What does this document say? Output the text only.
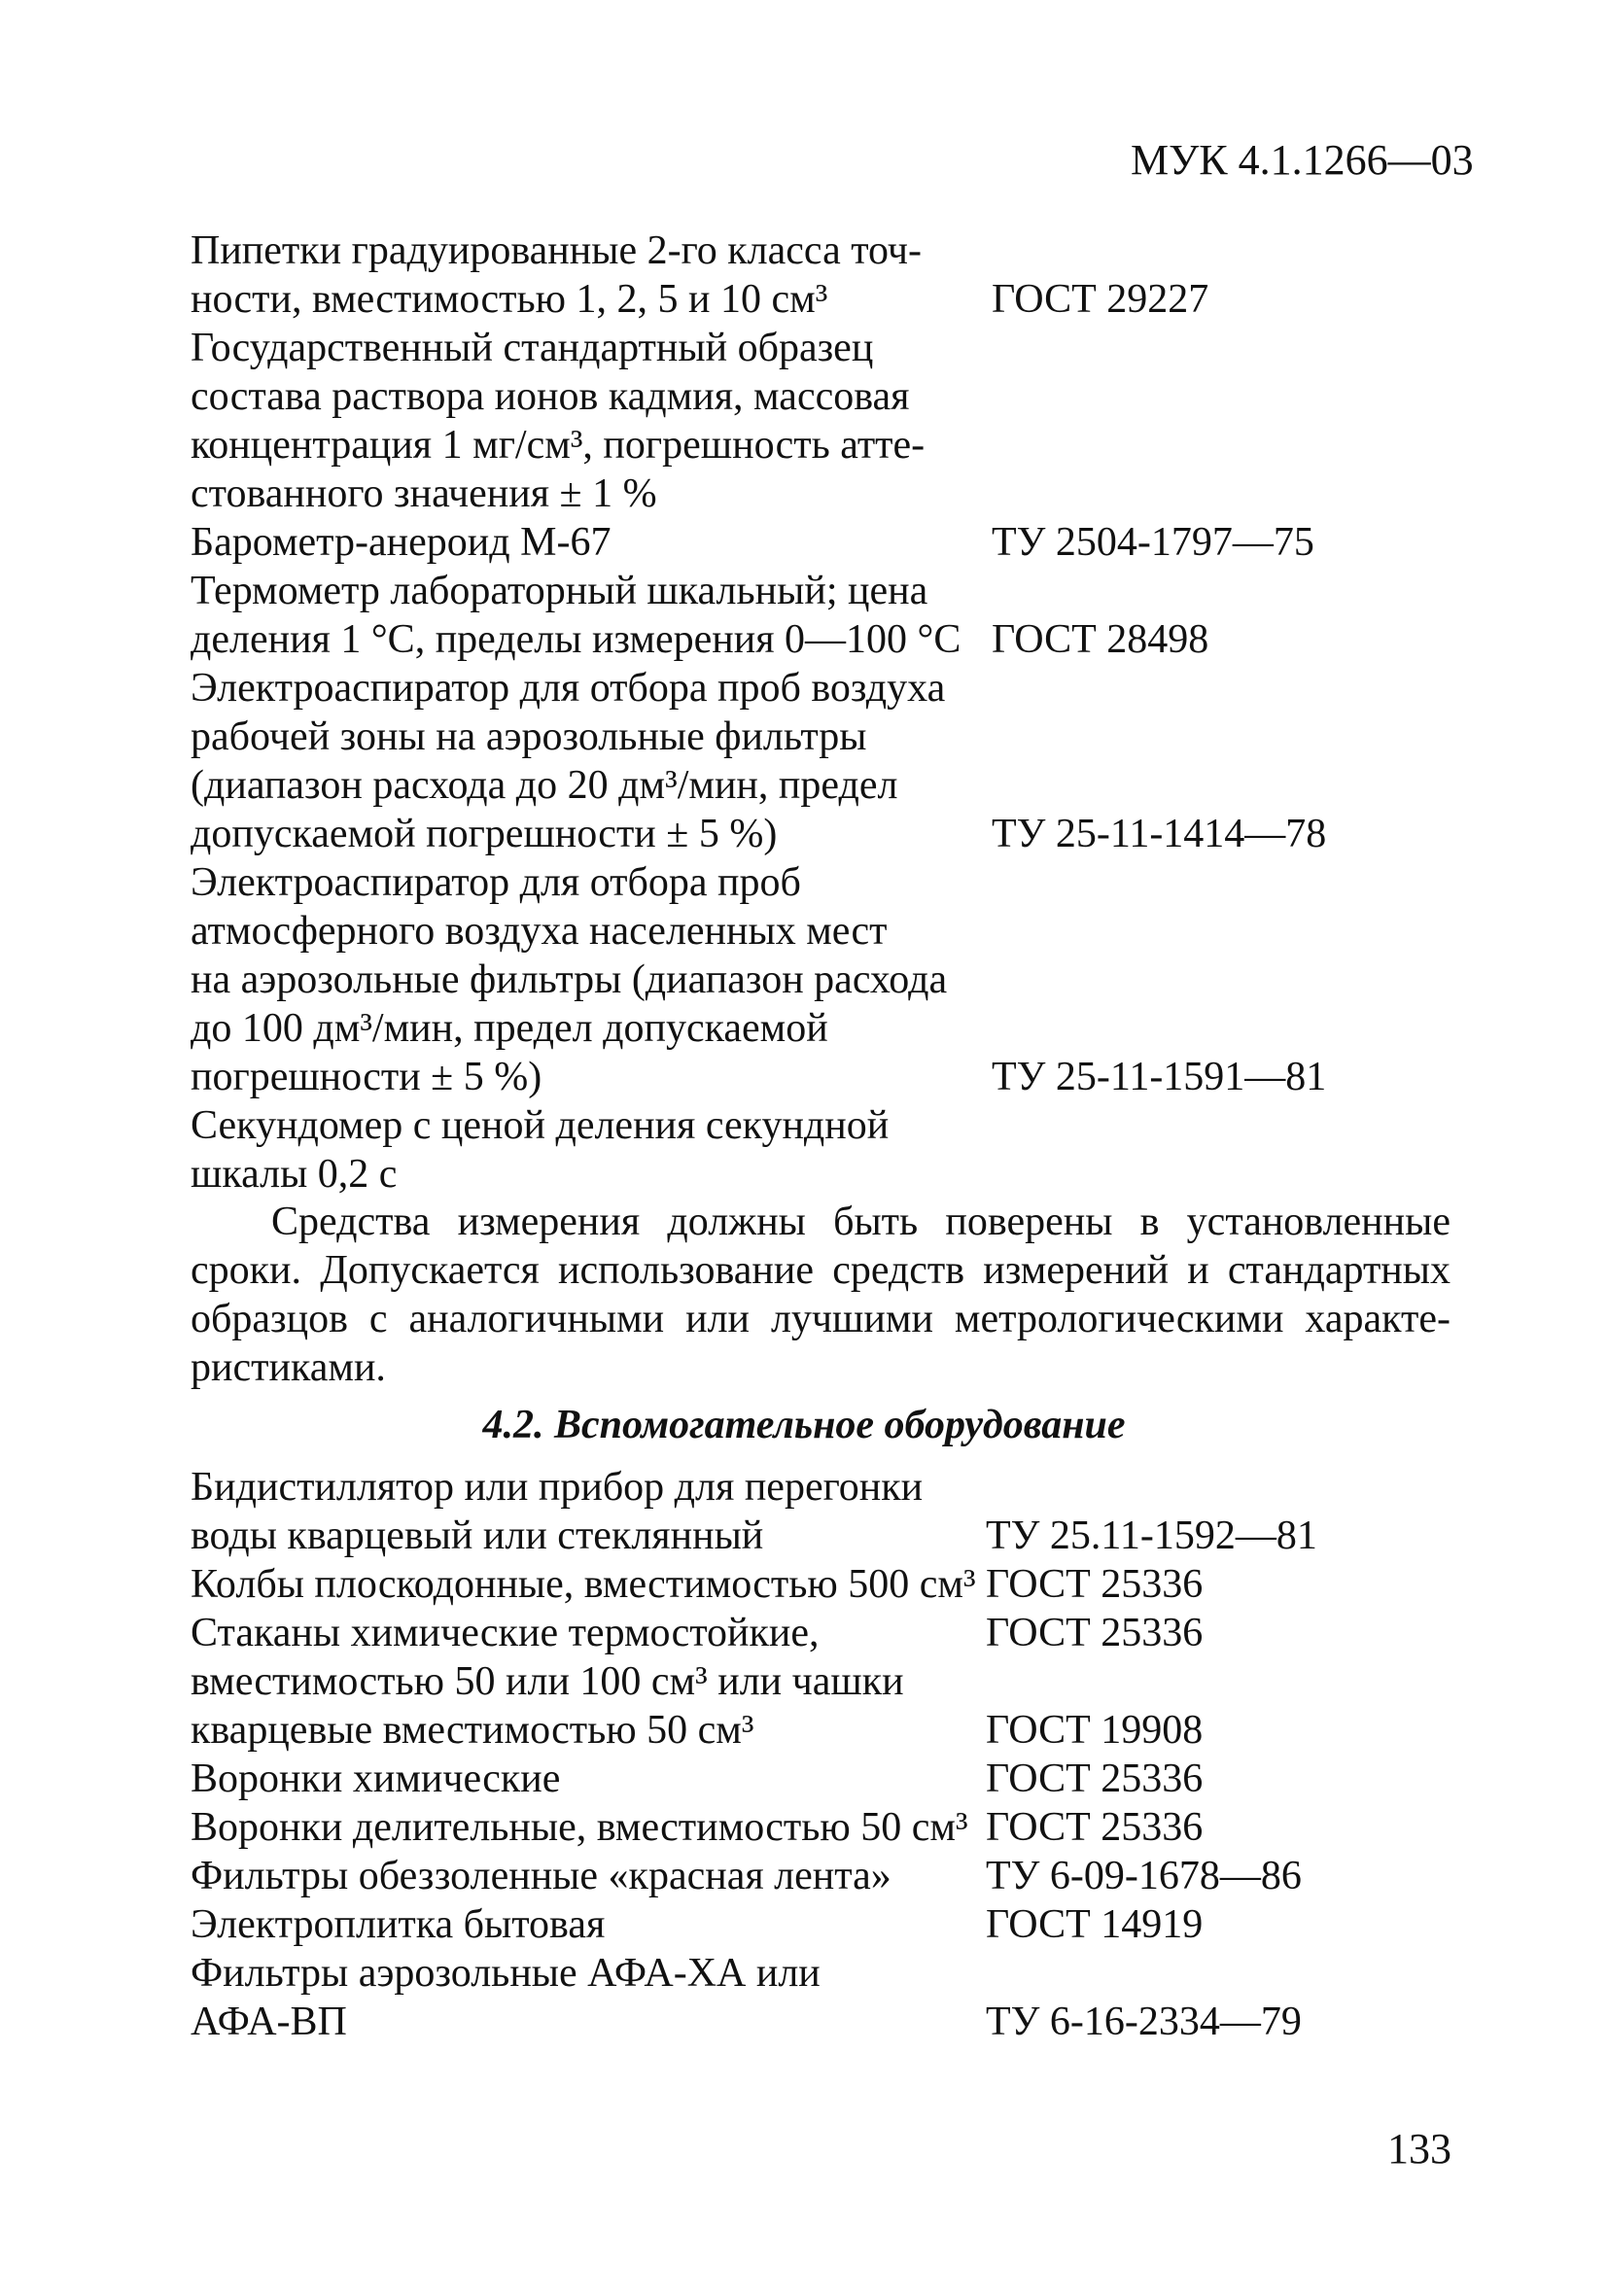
МУК 4.1.1266—03
Пипетки градуированные 2-го класса точ-
ности, вместимостью 1, 2, 5 и 10 см³	ГОСТ 29227
Государственный стандартный образец
состава раствора ионов кадмия, массовая
концентрация 1 мг/см³, погрешность атте-
стованного значения ± 1 %
Барометр-анероид М-67	ТУ 2504-1797—75
Термометр лабораторный шкальный; цена
деления 1 °С, пределы измерения 0—100 °С ГОСТ 28498
Электроаспиратор для отбора проб воздуха
рабочей зоны на аэрозольные фильтры
(диапазон расхода до 20 дм³/мин, предел
допускаемой погрешности ± 5 %)	ТУ 25-11-1414—78
Электроаспиратор для отбора проб
атмосферного воздуха населенных мест
на аэрозольные фильтры (диапазон расхода
до 100 дм³/мин, предел допускаемой
погрешности ± 5 %)	ТУ 25-11-1591—81
Секундомер с ценой деления секундной
шкалы 0,2 с

Средства измерения должны быть поверены в установленные сроки. Допускается использование средств измерений и стандартных образцов с аналогичными или лучшими метрологическими характеристиками.

4.2. Вспомогательное оборудование
Бидистиллятор или прибор для перегонки
воды кварцевый или стеклянный	ТУ 25.11-1592—81
Колбы плоскодонные, вместимостью 500 см³ ГОСТ 25336
Стаканы химические термостойкие,	ГОСТ 25336
вместимостью 50 или 100 см³ или чашки
кварцевые вместимостью 50 см³	ГОСТ 19908
Воронки химические	ГОСТ 25336
Воронки делительные, вместимостью 50 см³ ГОСТ 25336
Фильтры обеззоленные «красная лента»	ТУ 6-09-1678—86
Электроплитка бытовая	ГОСТ 14919
Фильтры аэрозольные АФА-ХА или
АФА-ВП	ТУ 6-16-2334—79
133
